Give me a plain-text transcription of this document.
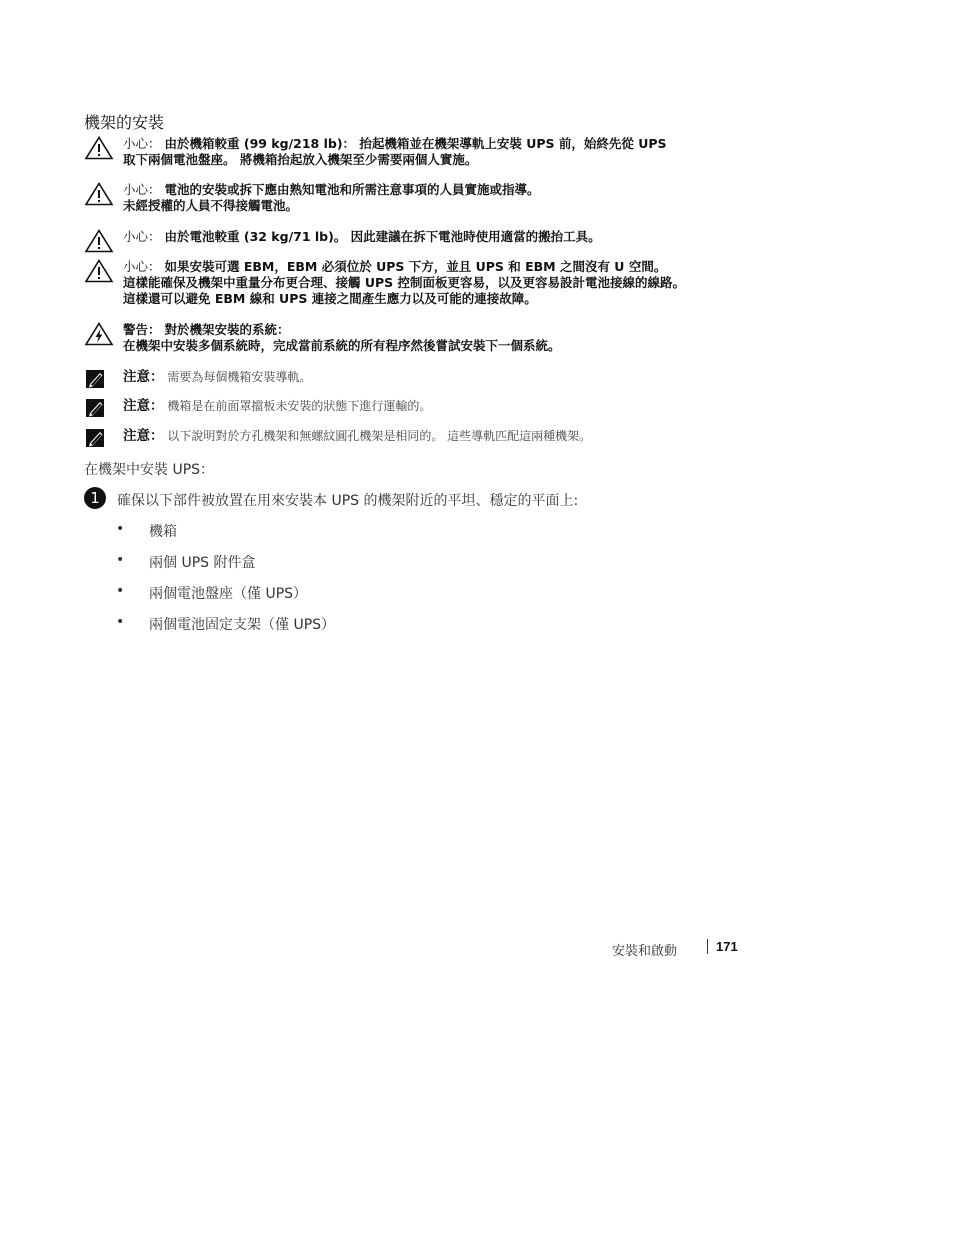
機架的安裝
小心： 由於機箱較重 (99 kg/218 lb)： 抬起機箱並在機架導軌上安裝 UPS 前，始終先從 UPS
取下兩個電池盤座。 將機箱抬起放入機架至少需要兩個人實施。
小心： 電池的安裝或拆下應由熟知電池和所需注意事項的人員實施或指導。
未經授權的人員不得接觸電池。
小心： 由於電池較重 (32 kg/71 lb)。 因此建議在拆下電池時使用適當的搬抬工具。
小心： 如果安裝可選 EBM，EBM 必須位於 UPS 下方，並且 UPS 和 EBM 之間沒有 U 空間。
這樣能確保及機架中重量分布更合理、接觸 UPS 控制面板更容易，以及更容易設計電池接線的線路。
這樣還可以避免 EBM 線和 UPS 連接之間產生應力以及可能的連接故障。
警告： 對於機架安裝的系統：
在機架中安裝多個系統時，完成當前系統的所有程序然後嘗試安裝下一個系統。
注意： 需要為每個機箱安裝導軌。
注意： 機箱是在前面罩擋板未安裝的狀態下進行運輸的。
注意： 以下說明對於方孔機架和無螺紋圓孔機架是相同的。 這些導軌匹配這兩種機架。
在機架中安裝 UPS：
1	確保以下部件被放置在用來安裝本 UPS 的機架附近的平坦、穩定的平面上:
• 機箱
• 兩個 UPS 附件盒
• 兩個電池盤座（僅 UPS）
• 兩個電池固定支架（僅 UPS）
安裝和啟動	171
